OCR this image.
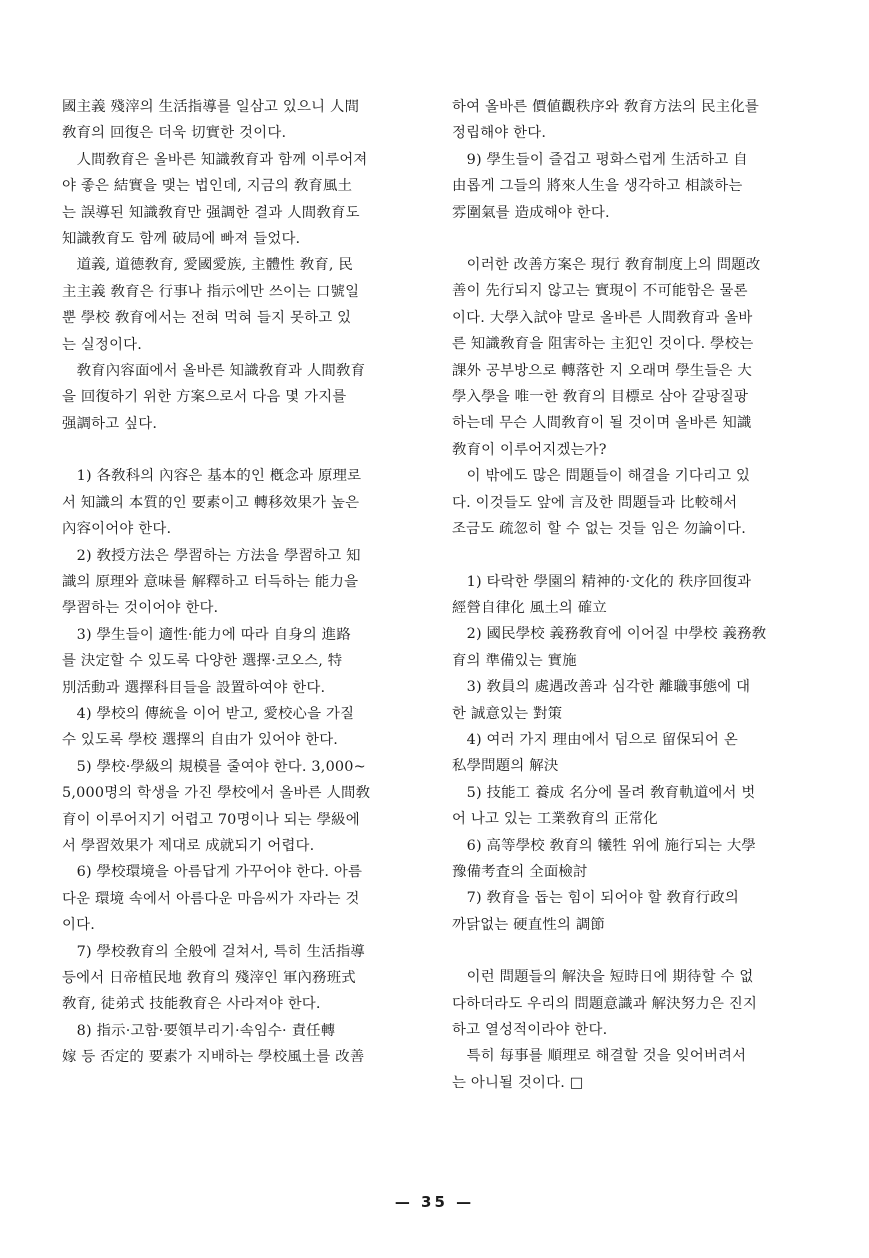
國主義 殘滓의 生活指導를 일삼고 있으니 人間
敎育의 回復은 더욱 切實한 것이다.

　人間敎育은 올바른 知識敎育과 함께 이루어져
야 좋은 結實을 맺는 법인데, 지금의 敎育風土
는 誤導된 知識敎育만 强調한 결과 人間敎育도
知識敎育도 함께 破局에 빠져 들었다.

　道義, 道德敎育, 愛國愛族, 主體性 敎育, 民
主主義 敎育은 行事나 指示에만 쓰이는 口號일
뿐 學校 敎育에서는 전혀 먹혀 들지 못하고 있
는 실정이다.

　敎育內容面에서 올바른 知識敎育과 人間敎育
을 回復하기 위한 方案으로서 다음 몇 가지를
强調하고 싶다.

　1) 各敎科의 內容은 基本的인 槪念과 原理로
서 知識의 本質的인 要素이고 轉移效果가 높은
內容이어야 한다.

　2) 敎授方法은 學習하는 方法을 學習하고 知
識의 原理와 意味를 解釋하고 터득하는 能力을
學習하는 것이어야 한다.

　3) 學生들이 適性·能力에 따라 自身의 進路
를 決定할 수 있도록 다양한 選擇·코오스, 特
別活動과 選擇科目들을 設置하여야 한다.

　4) 學校의 傳統을 이어 받고, 愛校心을 가질
수 있도록 學校 選擇의 自由가 있어야 한다.

　5) 學校·學級의 規模를 줄여야 한다. 3,000~
5,000명의 학생을 가진 學校에서 올바른 人間敎
育이 이루어지기 어렵고 70명이나 되는 學級에
서 學習效果가 제대로 成就되기 어렵다.

　6) 學校環境을 아름답게 가꾸어야 한다. 아름
다운 環境 속에서 아름다운 마음씨가 자라는 것
이다.

　7) 學校敎育의 全般에 걸쳐서, 특히 生活指導
등에서 日帝植民地 敎育의 殘滓인 軍內務班式
敎育, 徒弟式 技能敎育은 사라져야 한다.

　8) 指示·고함·要領부리기·속임수· 責任轉
嫁 등 否定的 要素가 지배하는 學校風土를 改善

하여 올바른 價値觀秩序와 敎育方法의 民主化를
정립해야 한다.

　9) 學生들이 즐겁고 평화스럽게 生活하고 自
由롭게 그들의 將來人生을 생각하고 相談하는
雰圍氣를 造成해야 한다.

　이러한 改善方案은 現行 敎育制度上의 問題改
善이 先行되지 않고는 實現이 不可能함은 물론
이다. 大學入試야 말로 올바른 人間敎育과 올바
른 知識敎育을 阻害하는 主犯인 것이다. 學校는
課外 공부방으로 轉落한 지 오래며 學生들은 大
學入學을 唯一한 敎育의 目標로 삼아 갈팡질팡
하는데 무슨 人間敎育이 될 것이며 올바른 知識
敎育이 이루어지겠는가?

　이 밖에도 많은 問題들이 해결을 기다리고 있
다. 이것들도 앞에 言及한 問題들과 比較해서
조금도 疏忽히 할 수 없는 것들 임은 勿論이다.

　1) 타락한 學園의 精神的·文化的 秩序回復과
經營自律化 風土의 確立

　2) 國民學校 義務敎育에 이어질 中學校 義務敎
育의 準備있는 實施

　3) 敎員의 處遇改善과 심각한 離職事態에 대
한 誠意있는 對策

　4) 여러 가지 理由에서 덤으로 留保되어 온
私學問題의 解決

　5) 技能工 養成 名分에 몰려 敎育軌道에서 벗
어 나고 있는 工業敎育의 正常化

　6) 高等學校 敎育의 犧牲 위에 施行되는 大學
豫備考査의 全面檢討

　7) 敎育을 돕는 힘이 되어야 할 敎育行政의
까닭없는 硬直性의 調節

　이런 問題들의 解決을 短時日에 期待할 수 없
다하더라도 우리의 問題意識과 解決努力은 진지
하고 열성적이라야 한다.

　특히 每事를 順理로 해결할 것을 잊어버려서
는 아니될 것이다. □

— 35 —
